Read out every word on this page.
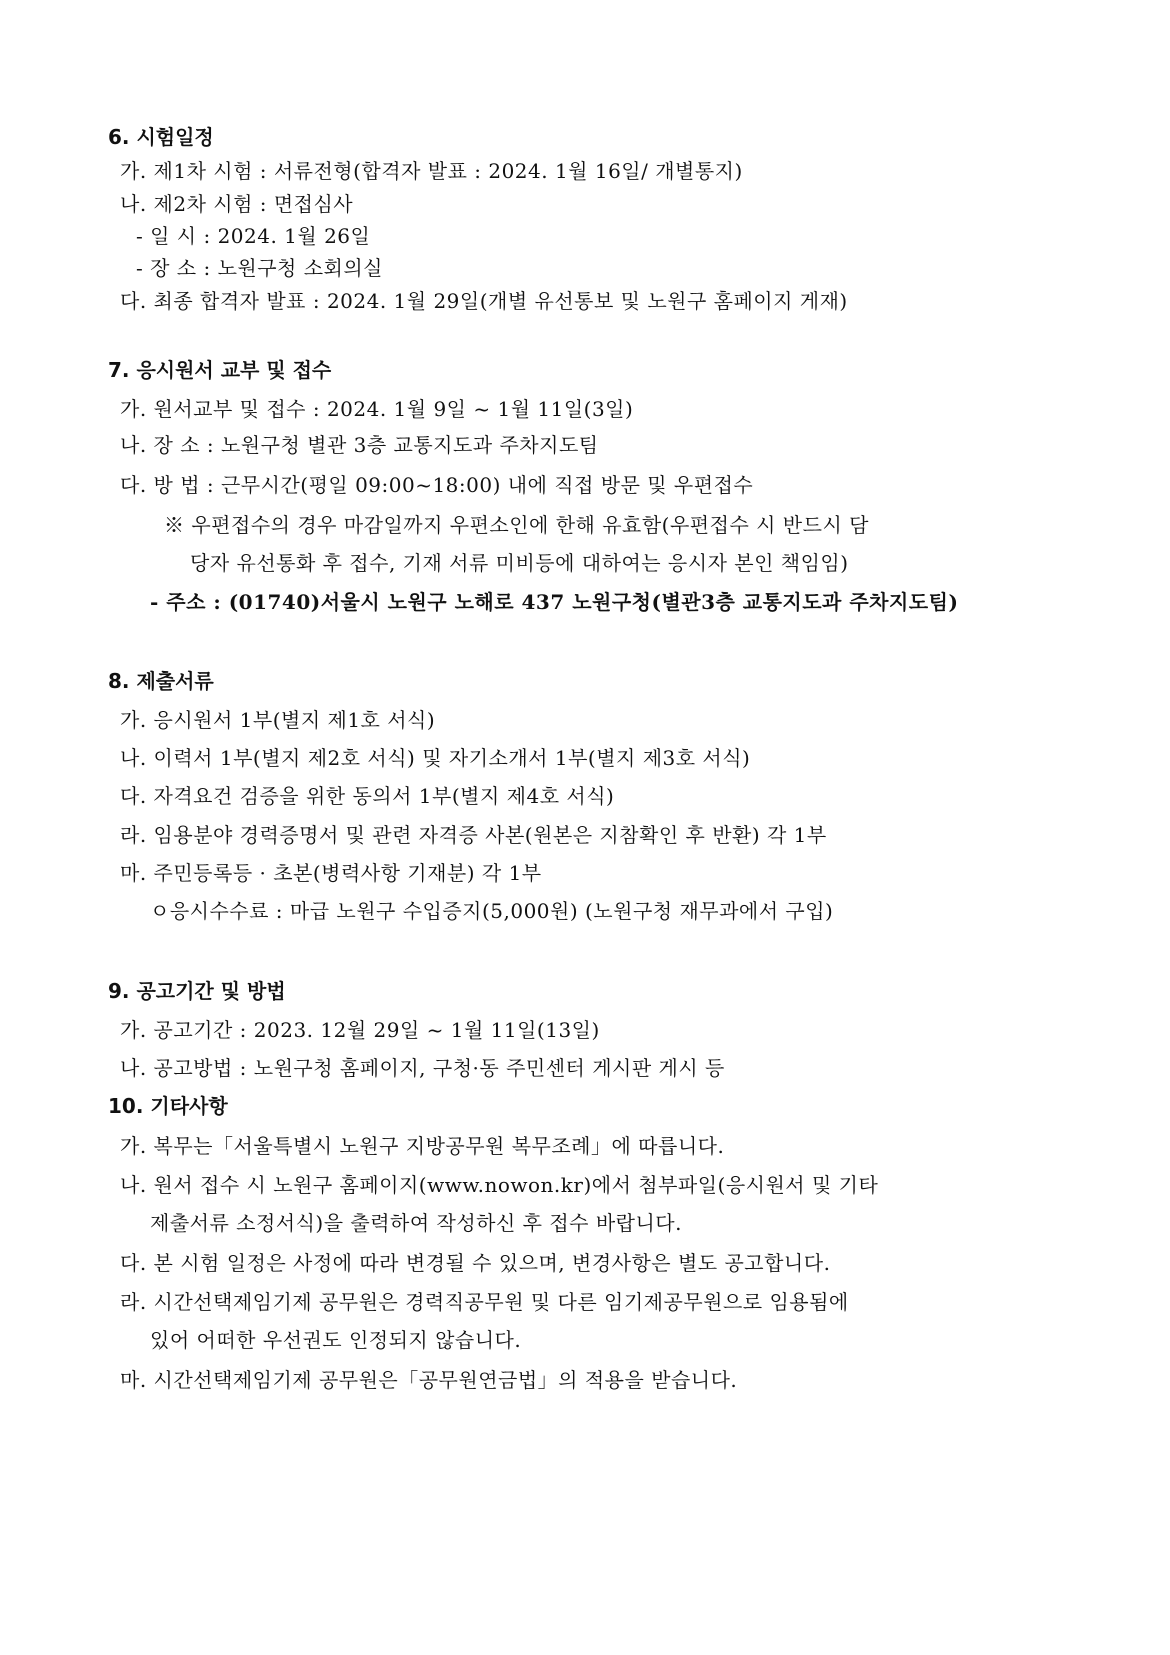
6. 시험일정
가. 제1차 시험 : 서류전형(합격자 발표 : 2024. 1월 16일/ 개별통지)
나. 제2차 시험 : 면접심사
- 일 시 : 2024. 1월 26일
- 장 소 : 노원구청 소회의실
다. 최종 합격자 발표 : 2024. 1월 29일(개별 유선통보 및 노원구 홈페이지 게재)
7. 응시원서 교부 및 접수
가. 원서교부 및 접수 : 2024. 1월 9일 ~ 1월 11일(3일)
나. 장 소 : 노원구청 별관 3층 교통지도과 주차지도팀
다. 방 법 : 근무시간(평일 09:00~18:00) 내에 직접 방문 및 우편접수
※ 우편접수의 경우 마감일까지 우편소인에 한해 유효함(우편접수 시 반드시 담
당자 유선통화 후 접수, 기재 서류 미비등에 대하여는 응시자 본인 책임임)
- 주소 : (01740)서울시 노원구 노해로 437 노원구청(별관3층 교통지도과 주차지도팀)
8. 제출서류
가. 응시원서 1부(별지 제1호 서식)
나. 이력서 1부(별지 제2호 서식) 및 자기소개서 1부(별지 제3호 서식)
다. 자격요건 검증을 위한 동의서 1부(별지 제4호 서식)
라. 임용분야 경력증명서 및 관련 자격증 사본(원본은 지참확인 후 반환) 각 1부
마. 주민등록등 · 초본(병력사항 기재분) 각 1부
ㅇ응시수수료 : 마급 노원구 수입증지(5,000원) (노원구청 재무과에서 구입)
9. 공고기간 및 방법
가. 공고기간 : 2023. 12월 29일 ~ 1월 11일(13일)
나. 공고방법 : 노원구청 홈페이지, 구청·동 주민센터 게시판 게시 등
10. 기타사항
가. 복무는「서울특별시 노원구 지방공무원 복무조례」에 따릅니다.
나. 원서 접수 시 노원구 홈페이지(www.nowon.kr)에서 첨부파일(응시원서 및 기타
제출서류 소정서식)을 출력하여 작성하신 후 접수 바랍니다.
다. 본 시험 일정은 사정에 따라 변경될 수 있으며, 변경사항은 별도 공고합니다.
라. 시간선택제임기제 공무원은 경력직공무원 및 다른 임기제공무원으로 임용됨에
있어 어떠한 우선권도 인정되지 않습니다.
마. 시간선택제임기제 공무원은「공무원연금법」의 적용을 받습니다.
